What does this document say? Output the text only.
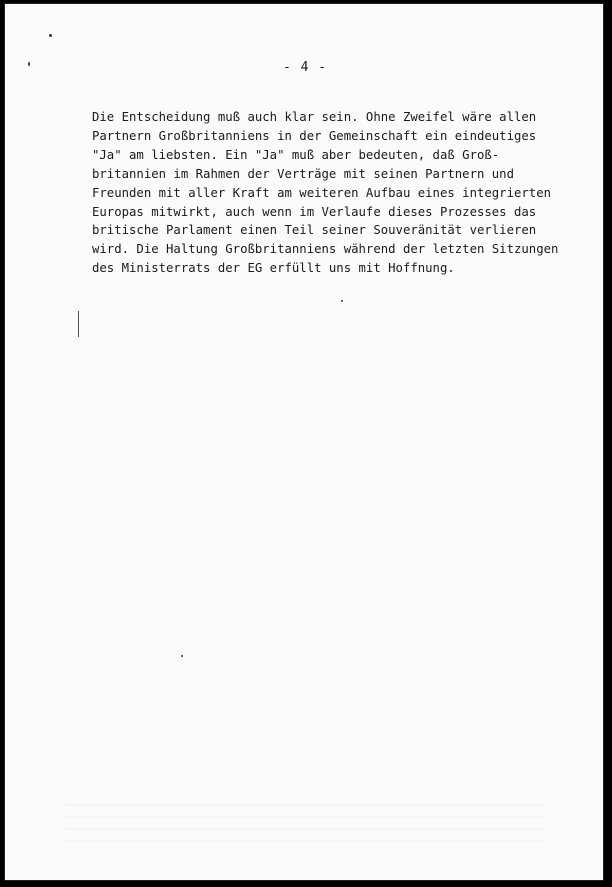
- 4 -

Die Entscheidung muß auch klar sein. Ohne Zweifel wäre allen
Partnern Großbritanniens in der Gemeinschaft ein eindeutiges
"Ja" am liebsten. Ein "Ja" muß aber bedeuten, daß Groß-
britannien im Rahmen der Verträge mit seinen Partnern und
Freunden mit aller Kraft am weiteren Aufbau eines integrierten
Europas mitwirkt, auch wenn im Verlaufe dieses Prozesses das
britische Parlament einen Teil seiner Souveränität verlieren
wird. Die Haltung Großbritanniens während der letzten Sitzungen
des Ministerrats der EG erfüllt uns mit Hoffnung.
